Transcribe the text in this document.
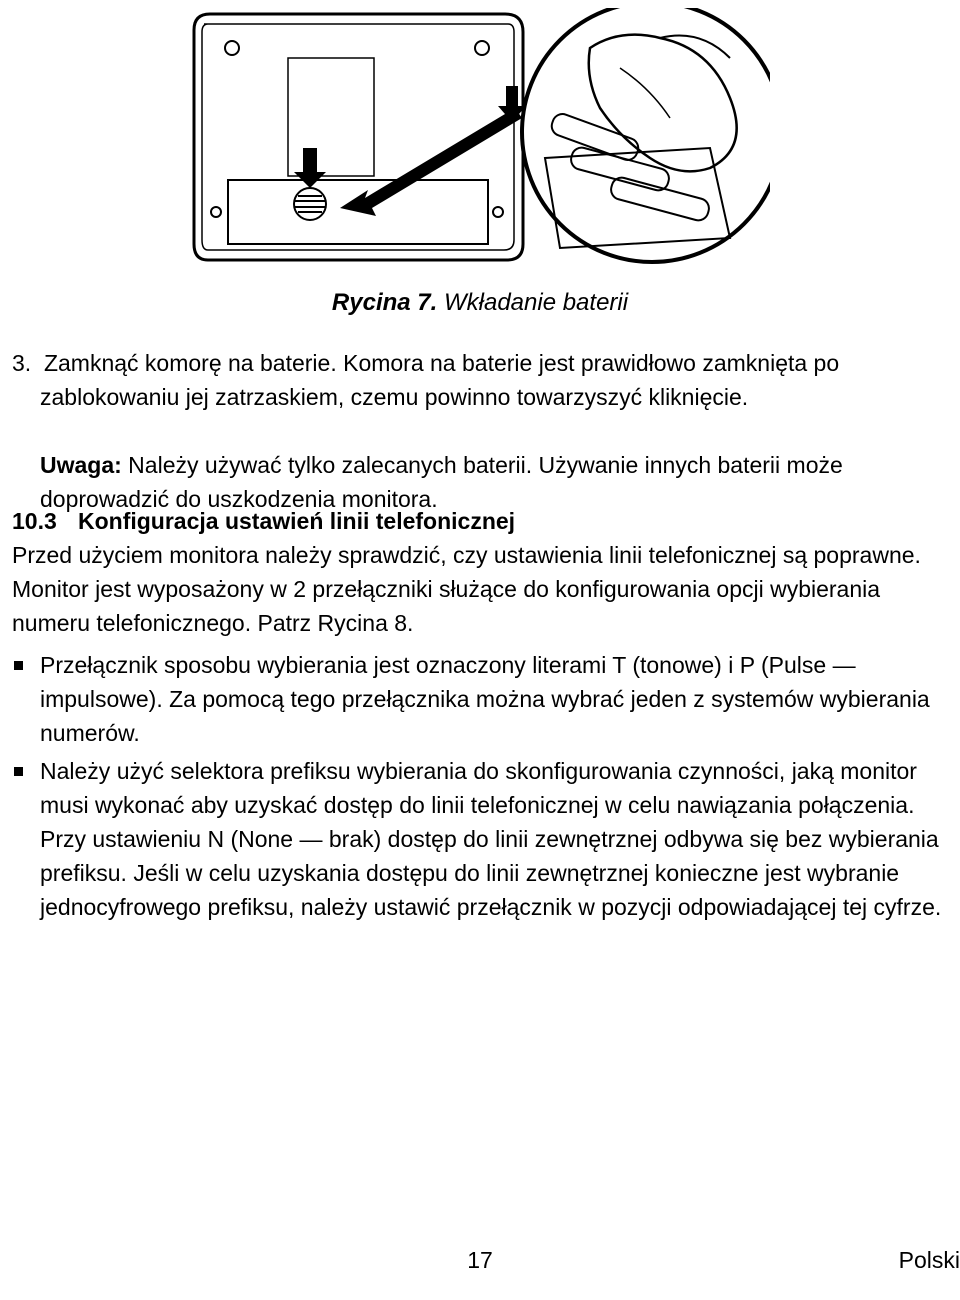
Rycina 7. Wkładanie baterii
3.  Zamknąć komorę na baterie. Komora na baterie jest prawidłowo zamknięta po
zablokowaniu jej zatrzaskiem, czemu powinno towarzyszyć kliknięcie.
Uwaga: Należy używać tylko zalecanych baterii. Używanie innych baterii może doprowadzić do uszkodzenia monitora.
10.3 Konfiguracja ustawień linii telefonicznej
Przed użyciem monitora należy sprawdzić, czy ustawienia linii telefonicznej są poprawne. Monitor jest wyposażony w 2 przełączniki służące do konfigurowania opcji wybierania numeru telefonicznego. Patrz Rycina 8.
Przełącznik sposobu wybierania jest oznaczony literami T (tonowe) i P (Pulse — impulsowe). Za pomocą tego przełącznika można wybrać jeden z systemów wybierania numerów.
Należy użyć selektora prefiksu wybierania do skonfigurowania czynności, jaką monitor musi wykonać aby uzyskać dostęp do linii telefonicznej w celu nawiązania połączenia. Przy ustawieniu N (None — brak) dostęp do linii zewnętrznej odbywa się bez wybierania prefiksu. Jeśli w celu uzyskania dostępu do linii zewnętrznej konieczne jest wybranie jednocyfrowego prefiksu, należy ustawić przełącznik w pozycji odpowiadającej tej cyfrze.
17	Polski
